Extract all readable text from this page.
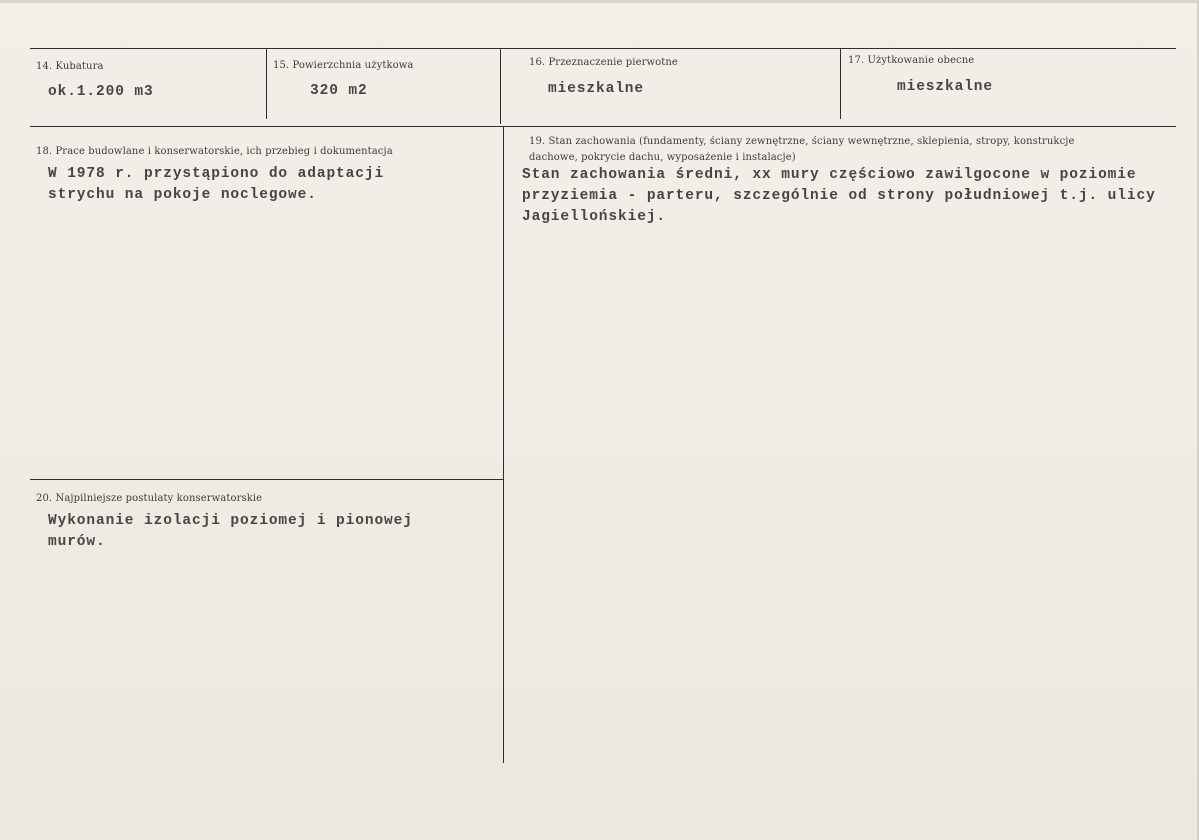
14. Kubatura
ok.1.200 m3
15. Powierzchnia użytkowa
320 m2
16. Przeznaczenie pierwotne
mieszkalne
17. Użytkowanie obecne
mieszkalne
18. Prace budowlane i konserwatorskie, ich przebieg i dokumentacja
W 1978 r. przystąpiono do adaptacji strychu na pokoje noclegowe.
19. Stan zachowania (fundamenty, ściany zewnętrzne, ściany wewnętrzne, sklepienia, stropy, konstrukcje dachowe, pokrycie dachu, wyposażenie i instalacje)
Stan zachowania średni, xx mury częściowo zawilgocone w poziomie przyziemia - parteru, szczególnie od strony południowej t.j. ulicy Jagiellońskiej.
20. Najpilniejsze postulaty konserwatorskie
Wykonanie izolacji poziomej i pionowej murów.
